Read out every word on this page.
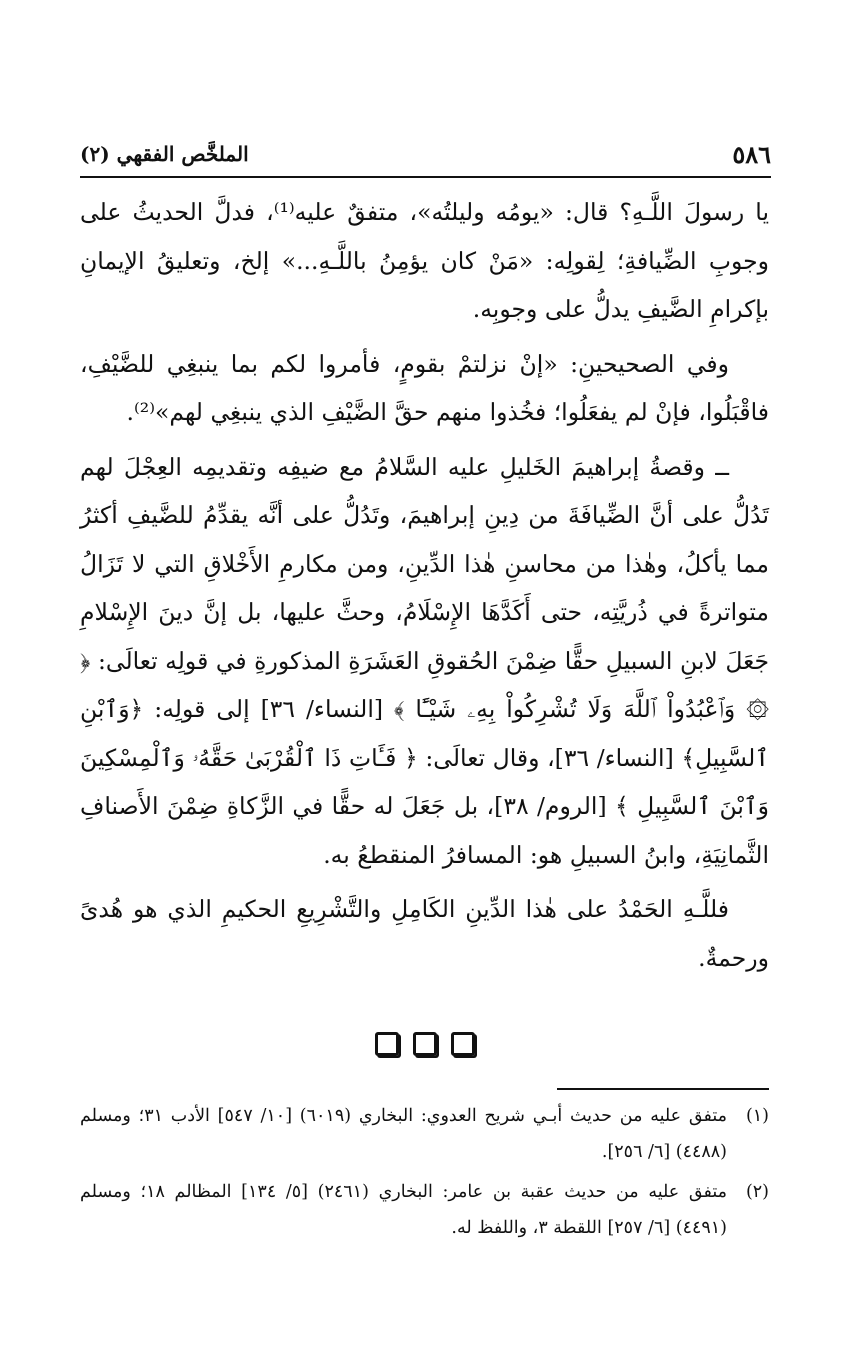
٥٨٦
الملخَّص الفقهي (٢)

يا رسولَ اللَّـهِ؟ قال: «يومُه وليلتُه»، متفقٌ عليه⁽¹⁾، فدلَّ الحديثُ على وجوبِ الضِّيافةِ؛ لِقولِه: «مَنْ كان يؤمِنُ باللَّـهِ...» إلخ، وتعليقُ الإيمانِ بإكرامِ الضَّيفِ يدلُّ على وجوبِه.

وفي الصحيحينِ: «إنْ نزلتمْ بقومٍ، فأمروا لكم بما ينبغِي للضَّيْفِ، فاقْبَلُوا، فإنْ لم يفعَلُوا؛ فخُذوا منهم حقَّ الضَّيْفِ الذي ينبغِي لهم»⁽²⁾.

ــ وقصةُ إبراهيمَ الخَليلِ عليه السَّلامُ مع ضيفِه وتقديمِه العِجْلَ لهم تَدُلُّ على أنَّ الضِّيافَةَ من دِينِ إبراهيمَ، وتَدُلُّ على أنَّه يقدِّمُ للضَّيفِ أكثرُ مما يأكلُ، وهٰذا من محاسنِ هٰذا الدِّينِ، ومن مكارمِ الأَخْلاقِ التي لا تَزَالُ متواترةً في ذُريَّتِه، حتى أَكَدَّهَا الإِسْلَامُ، وحثَّ عليها، بل إنَّ دينَ الإِسْلامِ جَعَلَ لابنِ السبيلِ حقًّا ضِمْنَ الحُقوقِ العَشَرَةِ المذكورةِ في قولِه تعالَى: ﴿ ۞ وَٱعْبُدُواْ ٱللَّهَ وَلَا تُشْرِكُواْ بِهِۦ شَيْـًٔا ﴾ [النساء/ ٣٦] إلى قولِه: ﴿وَٱبْنِ ٱلسَّبِيلِ﴾ [النساء/ ٣٦]، وقال تعالَى: ﴿ فَـَٔاتِ ذَا ٱلْقُرْبَىٰ حَقَّهُۥ وَٱلْمِسْكِينَ وَٱبْنَ ٱلسَّبِيلِ ﴾ [الروم/ ٣٨]، بل جَعَلَ له حقًّا في الزَّكاةِ ضِمْنَ الأَصنافِ الثَّمانِيَةِ، وابنُ السبيلِ هو: المسافرُ المنقطعُ به.

فللَّـهِ الحَمْدُ على هٰذا الدِّينِ الكَامِلِ والتَّشْرِيعِ الحكيمِ الذي هو هُدىً ورحمةٌ.

(١)
متفق عليه من حديث أبـي شريح العدوي: البخاري (٦٠١٩) [١٠/ ٥٤٧] الأدب ٣١؛ ومسلم (٤٤٨٨) [٦/ ٢٥٦].
(٢)
متفق عليه من حديث عقبة بن عامر: البخاري (٢٤٦١) [٥/ ١٣٤] المظالم ١٨؛ ومسلم (٤٤٩١) [٦/ ٢٥٧] اللقطة ٣، واللفظ له.
